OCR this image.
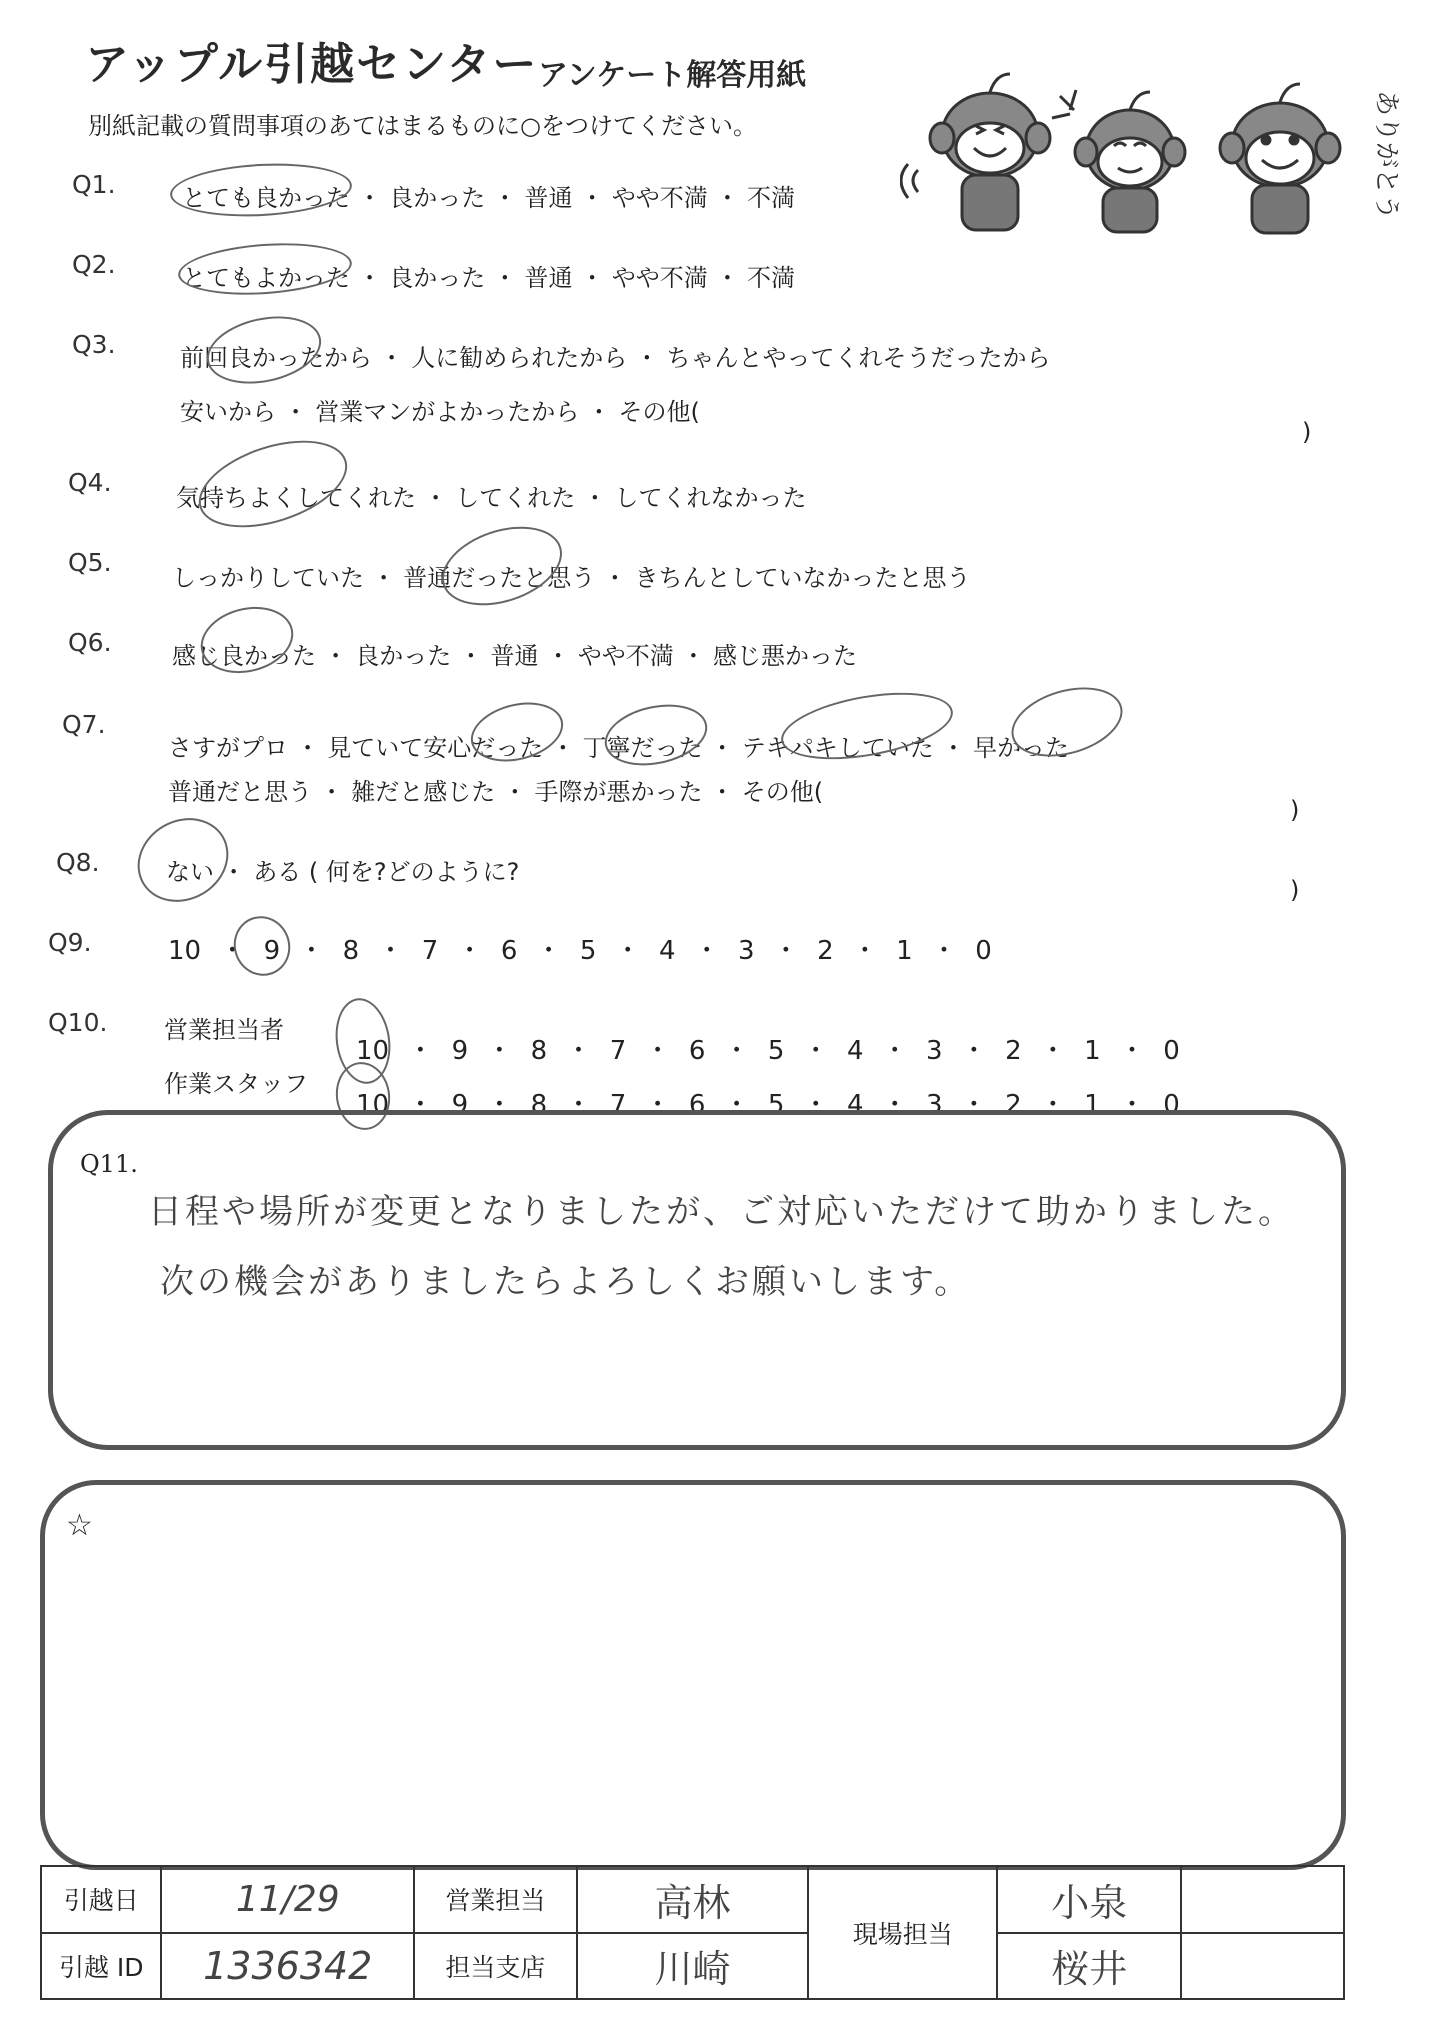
アップル引越センター アンケート解答用紙
別紙記載の質問事項のあてはまるものに○をつけてください。	ありがとう
Q1.	とても良かった ・ 良かった ・ 普通 ・ やや不満 ・ 不満
Q2.	とてもよかった ・ 良かった ・ 普通 ・ やや不満 ・ 不満
Q3.	前回良かったから ・ 人に勧められたから ・ ちゃんとやってくれそうだったから
安いから ・ 営業マンがよかったから ・ その他(
)
Q4.
気持ちよくしてくれた ・ してくれた ・ してくれなかった
Q5.
しっかりしていた ・ 普通だったと思う ・ きちんとしていなかったと思う
Q6.	感じ良かった ・ 良かった ・ 普通 ・ やや不満 ・ 感じ悪かった
Q7.
さすがプロ ・ 見ていて安心だった ・ 丁寧だった ・ テキパキしていた ・ 早かった
普通だと思う ・ 雑だと感じた ・ 手際が悪かった ・ その他(
)
Q8.	ない ・ ある ( 何を?どのように?
)
Q9.	10 ・ 9 ・ 8 ・ 7 ・ 6 ・ 5 ・ 4 ・ 3 ・ 2 ・ 1 ・ 0
Q10. 営業担当者
10 ・ 9 ・ 8 ・ 7 ・ 6 ・ 5 ・ 4 ・ 3 ・ 2 ・ 1 ・ 0
作業スタッフ
10 ・ 9 ・ 8 ・ 7 ・ 6 ・ 5 ・ 4 ・ 3 ・ 2 ・ 1 ・ 0
Q11.
日程や場所が変更となりましたが、ご対応いただけて助かりました。
次の機会がありましたらよろしくお願いします。
☆
引越日	11/29	営業担当	高林	現場担当	小泉	
引越 ID	1336342	担当支店	川崎		桜井	
